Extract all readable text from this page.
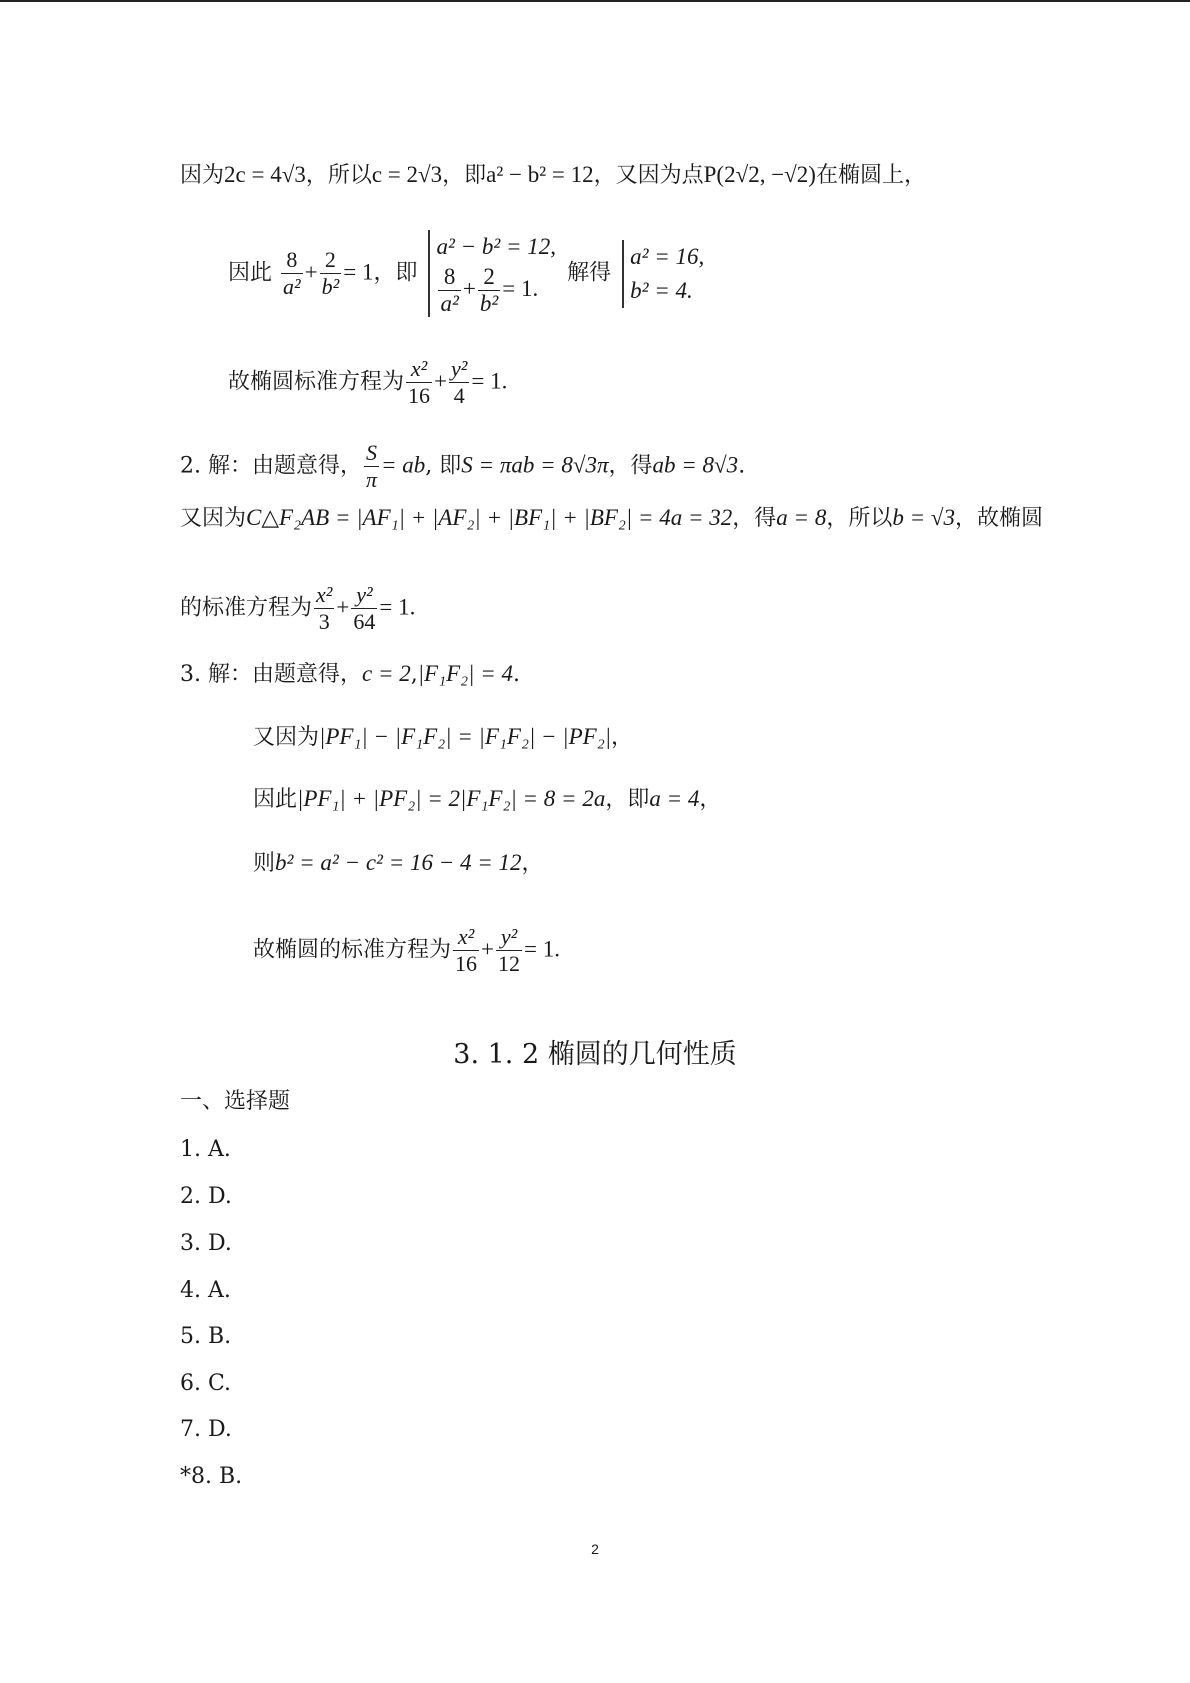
因为2c = 4√3，所以c = 2√3，即a² − b² = 12，又因为点P(2√2, −√2)在椭圆上，
因此 $\frac{8}{\text{a²}} + \frac{2}{\text{b²}} = 1$，即
a² − b² = 12,
$\frac{8}{\text{a²}} + \frac{2}{\text{b²}} = 1$.
解得
a² = 16,
b² = 4.
故椭圆标准方程为 $\frac{\text{x²}}{16} + \frac{\text{y²}}{4} = 1$.
2. 解：由题意得， $\frac{S}{\pi}$ = ab, 即S = πab = 8√3π，得ab = 8√3.
又因为C△F₂AB = |AF₁| + |AF₂| + |BF₁| + |BF₂| = 4a = 32，得a = 8，所以b = √3，故椭圆
的标准方程为 $\frac{\text{x²}}{3} + \frac{\text{y²}}{64} = 1$.
3. 解：由题意得，c = 2,|F₁F₂| = 4.
又因为|PF₁| − |F₁F₂| = |F₁F₂| − |PF₂|，
因此|PF₁| + |PF₂| = 2|F₁F₂| = 8 = 2a，即a = 4，
则b² = a² − c² = 16 − 4 = 12，
故椭圆的标准方程为 $\frac{\text{x²}}{16} + \frac{\text{y²}}{12} = 1$.
3. 1. 2 椭圆的几何性质
一、选择题
1. A.
2. D.
3. D.
4. A.
5. B.
6. C.
7. D.
*8. B.
2
